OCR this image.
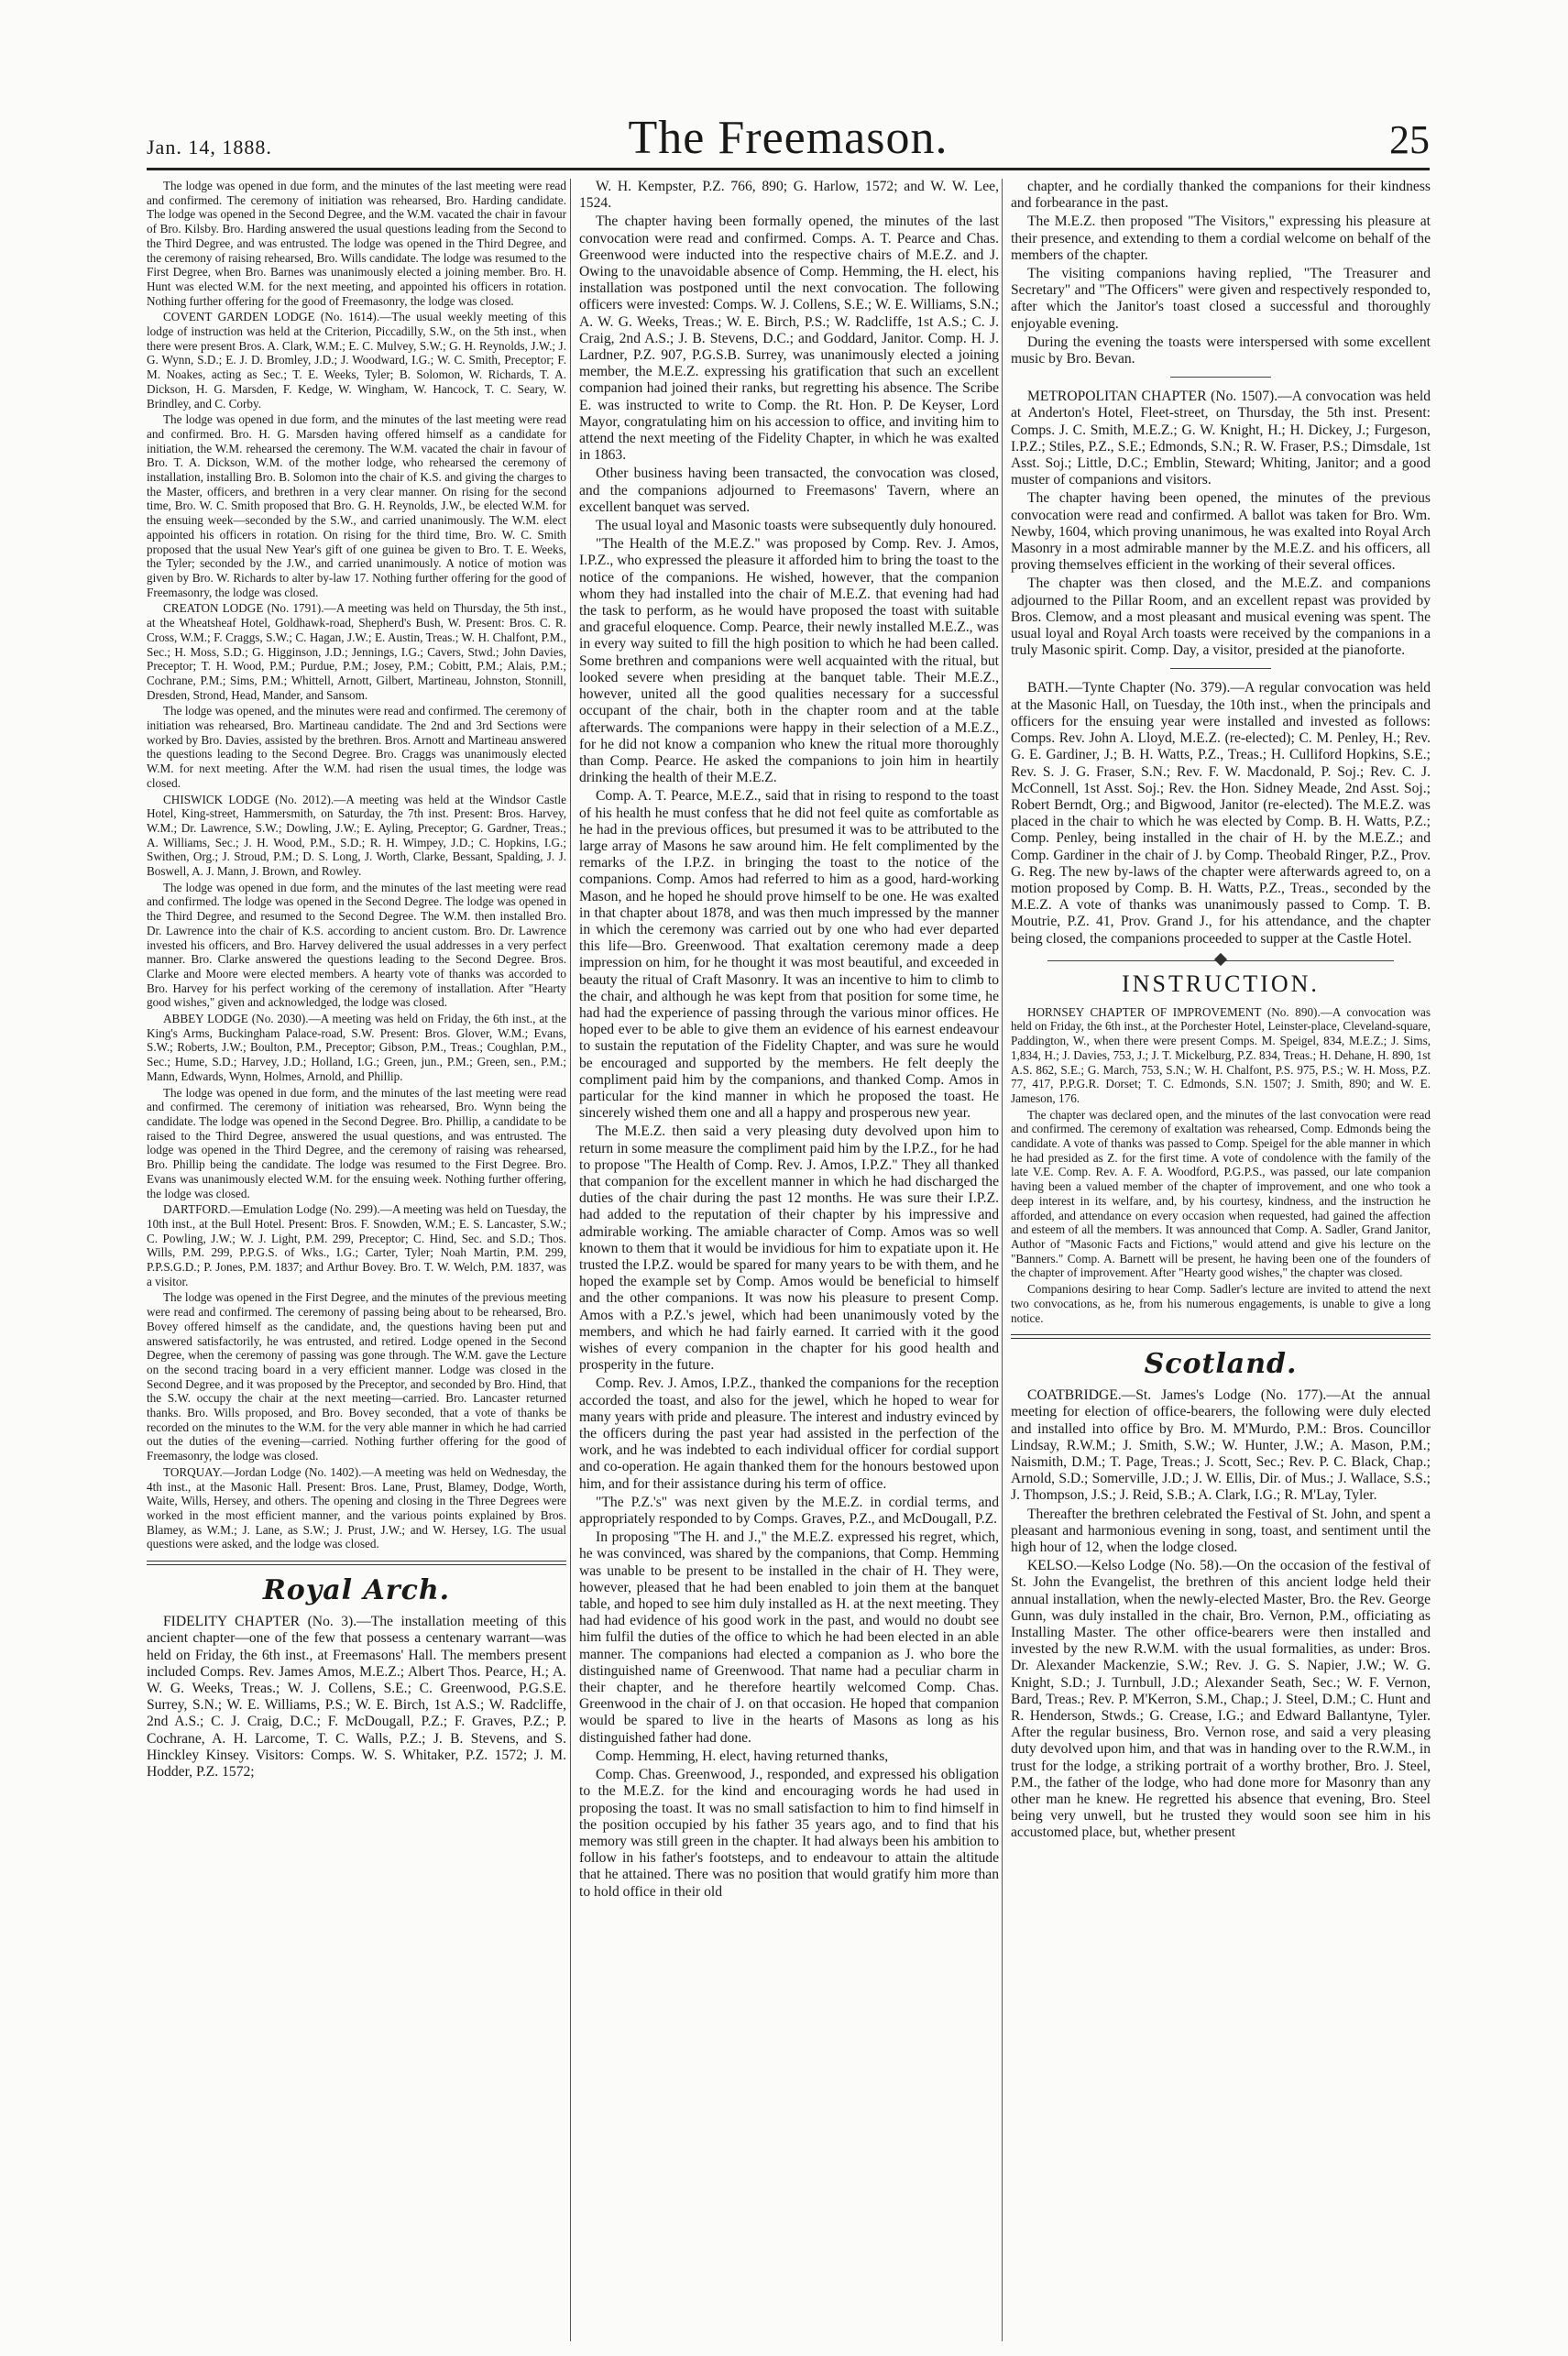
Jan. 14, 1888.	The Freemason.	25

The lodge was opened in due form, and the minutes of the last meeting were read and confirmed. The ceremony of initiation was rehearsed, Bro. Harding candidate. The lodge was opened in the Second Degree, and the W.M. vacated the chair in favour of Bro. Kilsby. Bro. Harding answered the usual questions leading from the Second to the Third Degree, and was entrusted. The lodge was opened in the Third Degree, and the ceremony of raising rehearsed, Bro. Wills candidate. The lodge was resumed to the First Degree, when Bro. Barnes was unanimously elected a joining member. Bro. H. Hunt was elected W.M. for the next meeting, and appointed his officers in rotation. Nothing further offering for the good of Freemasonry, the lodge was closed.

COVENT GARDEN LODGE (No. 1614).—The usual weekly meeting of this lodge of instruction was held at the Criterion, Piccadilly, S.W., on the 5th inst., when there were present Bros. A. Clark, W.M.; E. C. Mulvey, S.W.; G. H. Reynolds, J.W.; J. G. Wynn, S.D.; E. J. D. Bromley, J.D.; J. Woodward, I.G.; W. C. Smith, Preceptor; F. M. Noakes, acting as Sec.; T. E. Weeks, Tyler; B. Solomon, W. Richards, T. A. Dickson, H. G. Marsden, F. Kedge, W. Wingham, W. Hancock, T. C. Seary, W. Brindley, and C. Corby.

The lodge was opened in due form, and the minutes of the last meeting were read and confirmed. Bro. H. G. Marsden having offered himself as a candidate for initiation, the W.M. rehearsed the ceremony. The W.M. vacated the chair in favour of Bro. T. A. Dickson, W.M. of the mother lodge, who rehearsed the ceremony of installation, installing Bro. B. Solomon into the chair of K.S. and giving the charges to the Master, officers, and brethren in a very clear manner. On rising for the second time, Bro. W. C. Smith proposed that Bro. G. H. Reynolds, J.W., be elected W.M. for the ensuing week—seconded by the S.W., and carried unanimously. The W.M. elect appointed his officers in rotation. On rising for the third time, Bro. W. C. Smith proposed that the usual New Year's gift of one guinea be given to Bro. T. E. Weeks, the Tyler; seconded by the J.W., and carried unanimously. A notice of motion was given by Bro. W. Richards to alter by-law 17. Nothing further offering for the good of Freemasonry, the lodge was closed.

CREATON LODGE (No. 1791).—A meeting was held on Thursday, the 5th inst., at the Wheatsheaf Hotel, Goldhawk-road, Shepherd's Bush, W. Present: Bros. C. R. Cross, W.M.; F. Craggs, S.W.; C. Hagan, J.W.; E. Austin, Treas.; W. H. Chalfont, P.M., Sec.; H. Moss, S.D.; G. Higginson, J.D.; Jennings, I.G.; Cavers, Stwd.; John Davies, Preceptor; T. H. Wood, P.M.; Purdue, P.M.; Josey, P.M.; Cobitt, P.M.; Alais, P.M.; Cochrane, P.M.; Sims, P.M.; Whittell, Arnott, Gilbert, Martineau, Johnston, Stonnill, Dresden, Strond, Head, Mander, and Sansom.

The lodge was opened, and the minutes were read and confirmed. The ceremony of initiation was rehearsed, Bro. Martineau candidate. The 2nd and 3rd Sections were worked by Bro. Davies, assisted by the brethren. Bros. Arnott and Martineau answered the questions leading to the Second Degree. Bro. Craggs was unanimously elected W.M. for next meeting. After the W.M. had risen the usual times, the lodge was closed.

CHISWICK LODGE (No. 2012).—A meeting was held at the Windsor Castle Hotel, King-street, Hammersmith, on Saturday, the 7th inst. Present: Bros. Harvey, W.M.; Dr. Lawrence, S.W.; Dowling, J.W.; E. Ayling, Preceptor; G. Gardner, Treas.; A. Williams, Sec.; J. H. Wood, P.M., S.D.; R. H. Wimpey, J.D.; C. Hopkins, I.G.; Swithen, Org.; J. Stroud, P.M.; D. S. Long, J. Worth, Clarke, Bessant, Spalding, J. J. Boswell, A. J. Mann, J. Brown, and Rowley.

The lodge was opened in due form, and the minutes of the last meeting were read and confirmed. The lodge was opened in the Second Degree. The lodge was opened in the Third Degree, and resumed to the Second Degree. The W.M. then installed Bro. Dr. Lawrence into the chair of K.S. according to ancient custom. Bro. Dr. Lawrence invested his officers, and Bro. Harvey delivered the usual addresses in a very perfect manner. Bro. Clarke answered the questions leading to the Second Degree. Bros. Clarke and Moore were elected members. A hearty vote of thanks was accorded to Bro. Harvey for his perfect working of the ceremony of installation. After "Hearty good wishes," given and acknowledged, the lodge was closed.

ABBEY LODGE (No. 2030).—A meeting was held on Friday, the 6th inst., at the King's Arms, Buckingham Palace-road, S.W. Present: Bros. Glover, W.M.; Evans, S.W.; Roberts, J.W.; Boulton, P.M., Preceptor; Gibson, P.M., Treas.; Coughlan, P.M., Sec.; Hume, S.D.; Harvey, J.D.; Holland, I.G.; Green, jun., P.M.; Green, sen., P.M.; Mann, Edwards, Wynn, Holmes, Arnold, and Phillip.

The lodge was opened in due form, and the minutes of the last meeting were read and confirmed. The ceremony of initiation was rehearsed, Bro. Wynn being the candidate. The lodge was opened in the Second Degree. Bro. Phillip, a candidate to be raised to the Third Degree, answered the usual questions, and was entrusted. The lodge was opened in the Third Degree, and the ceremony of raising was rehearsed, Bro. Phillip being the candidate. The lodge was resumed to the First Degree. Bro. Evans was unanimously elected W.M. for the ensuing week. Nothing further offering, the lodge was closed.

DARTFORD.—Emulation Lodge (No. 299).—A meeting was held on Tuesday, the 10th inst., at the Bull Hotel. Present: Bros. F. Snowden, W.M.; E. S. Lancaster, S.W.; C. Powling, J.W.; W. J. Light, P.M. 299, Preceptor; C. Hind, Sec. and S.D.; Thos. Wills, P.M. 299, P.P.G.S. of Wks., I.G.; Carter, Tyler; Noah Martin, P.M. 299, P.P.S.G.D.; P. Jones, P.M. 1837; and Arthur Bovey. Bro. T. W. Welch, P.M. 1837, was a visitor.

The lodge was opened in the First Degree, and the minutes of the previous meeting were read and confirmed. The ceremony of passing being about to be rehearsed, Bro. Bovey offered himself as the candidate, and, the questions having been put and answered satisfactorily, he was entrusted, and retired. Lodge opened in the Second Degree, when the ceremony of passing was gone through. The W.M. gave the Lecture on the second tracing board in a very efficient manner. Lodge was closed in the Second Degree, and it was proposed by the Preceptor, and seconded by Bro. Hind, that the S.W. occupy the chair at the next meeting—carried. Bro. Lancaster returned thanks. Bro. Wills proposed, and Bro. Bovey seconded, that a vote of thanks be recorded on the minutes to the W.M. for the very able manner in which he had carried out the duties of the evening—carried. Nothing further offering for the good of Freemasonry, the lodge was closed.

TORQUAY.—Jordan Lodge (No. 1402).—A meeting was held on Wednesday, the 4th inst., at the Masonic Hall. Present: Bros. Lane, Prust, Blamey, Dodge, Worth, Waite, Wills, Hersey, and others. The opening and closing in the Three Degrees were worked in the most efficient manner, and the various points explained by Bros. Blamey, as W.M.; J. Lane, as S.W.; J. Prust, J.W.; and W. Hersey, I.G. The usual questions were asked, and the lodge was closed.

Royal Arch.

FIDELITY CHAPTER (No. 3).—The installation meeting of this ancient chapter—one of the few that possess a centenary warrant—was held on Friday, the 6th inst., at Freemasons' Hall. The members present included Comps. Rev. James Amos, M.E.Z.; Albert Thos. Pearce, H.; A. W. G. Weeks, Treas.; W. J. Collens, S.E.; C. Greenwood, P.G.S.E. Surrey, S.N.; W. E. Williams, P.S.; W. E. Birch, 1st A.S.; W. Radcliffe, 2nd A.S.; C. J. Craig, D.C.; F. McDougall, P.Z.; F. Graves, P.Z.; P. Cochrane, A. H. Larcome, T. C. Walls, P.Z.; J. B. Stevens, and S. Hinckley Kinsey. Visitors: Comps. W. S. Whitaker, P.Z. 1572; J. M. Hodder, P.Z. 1572;

W. H. Kempster, P.Z. 766, 890; G. Harlow, 1572; and W. W. Lee, 1524.

The chapter having been formally opened, the minutes of the last convocation were read and confirmed. Comps. A. T. Pearce and Chas. Greenwood were inducted into the respective chairs of M.E.Z. and J. Owing to the unavoidable absence of Comp. Hemming, the H. elect, his installation was postponed until the next convocation. The following officers were invested: Comps. W. J. Collens, S.E.; W. E. Williams, S.N.; A. W. G. Weeks, Treas.; W. E. Birch, P.S.; W. Radcliffe, 1st A.S.; C. J. Craig, 2nd A.S.; J. B. Stevens, D.C.; and Goddard, Janitor. Comp. H. J. Lardner, P.Z. 907, P.G.S.B. Surrey, was unanimously elected a joining member, the M.E.Z. expressing his gratification that such an excellent companion had joined their ranks, but regretting his absence. The Scribe E. was instructed to write to Comp. the Rt. Hon. P. De Keyser, Lord Mayor, congratulating him on his accession to office, and inviting him to attend the next meeting of the Fidelity Chapter, in which he was exalted in 1863.

Other business having been transacted, the convocation was closed, and the companions adjourned to Freemasons' Tavern, where an excellent banquet was served.

The usual loyal and Masonic toasts were subsequently duly honoured.

"The Health of the M.E.Z." was proposed by Comp. Rev. J. Amos, I.P.Z., who expressed the pleasure it afforded him to bring the toast to the notice of the companions. He wished, however, that the companion whom they had installed into the chair of M.E.Z. that evening had had the task to perform, as he would have proposed the toast with suitable and graceful eloquence. Comp. Pearce, their newly installed M.E.Z., was in every way suited to fill the high position to which he had been called. Some brethren and companions were well acquainted with the ritual, but looked severe when presiding at the banquet table. Their M.E.Z., however, united all the good qualities necessary for a successful occupant of the chair, both in the chapter room and at the table afterwards. The companions were happy in their selection of a M.E.Z., for he did not know a companion who knew the ritual more thoroughly than Comp. Pearce. He asked the companions to join him in heartily drinking the health of their M.E.Z.

Comp. A. T. Pearce, M.E.Z., said that in rising to respond to the toast of his health he must confess that he did not feel quite as comfortable as he had in the previous offices, but presumed it was to be attributed to the large array of Masons he saw around him. He felt complimented by the remarks of the I.P.Z. in bringing the toast to the notice of the companions. Comp. Amos had referred to him as a good, hard-working Mason, and he hoped he should prove himself to be one. He was exalted in that chapter about 1878, and was then much impressed by the manner in which the ceremony was carried out by one who had ever departed this life—Bro. Greenwood. That exaltation ceremony made a deep impression on him, for he thought it was most beautiful, and exceeded in beauty the ritual of Craft Masonry. It was an incentive to him to climb to the chair, and although he was kept from that position for some time, he had had the experience of passing through the various minor offices. He hoped ever to be able to give them an evidence of his earnest endeavour to sustain the reputation of the Fidelity Chapter, and was sure he would be encouraged and supported by the members. He felt deeply the compliment paid him by the companions, and thanked Comp. Amos in particular for the kind manner in which he proposed the toast. He sincerely wished them one and all a happy and prosperous new year.

The M.E.Z. then said a very pleasing duty devolved upon him to return in some measure the compliment paid him by the I.P.Z., for he had to propose "The Health of Comp. Rev. J. Amos, I.P.Z." They all thanked that companion for the excellent manner in which he had discharged the duties of the chair during the past 12 months. He was sure their I.P.Z. had added to the reputation of their chapter by his impressive and admirable working. The amiable character of Comp. Amos was so well known to them that it would be invidious for him to expatiate upon it. He trusted the I.P.Z. would be spared for many years to be with them, and he hoped the example set by Comp. Amos would be beneficial to himself and the other companions. It was now his pleasure to present Comp. Amos with a P.Z.'s jewel, which had been unanimously voted by the members, and which he had fairly earned. It carried with it the good wishes of every companion in the chapter for his good health and prosperity in the future.

Comp. Rev. J. Amos, I.P.Z., thanked the companions for the reception accorded the toast, and also for the jewel, which he hoped to wear for many years with pride and pleasure. The interest and industry evinced by the officers during the past year had assisted in the perfection of the work, and he was indebted to each individual officer for cordial support and co-operation. He again thanked them for the honours bestowed upon him, and for their assistance during his term of office.

"The P.Z.'s" was next given by the M.E.Z. in cordial terms, and appropriately responded to by Comps. Graves, P.Z., and McDougall, P.Z.

In proposing "The H. and J.," the M.E.Z. expressed his regret, which, he was convinced, was shared by the companions, that Comp. Hemming was unable to be present to be installed in the chair of H. They were, however, pleased that he had been enabled to join them at the banquet table, and hoped to see him duly installed as H. at the next meeting. They had had evidence of his good work in the past, and would no doubt see him fulfil the duties of the office to which he had been elected in an able manner. The companions had elected a companion as J. who bore the distinguished name of Greenwood. That name had a peculiar charm in their chapter, and he therefore heartily welcomed Comp. Chas. Greenwood in the chair of J. on that occasion. He hoped that companion would be spared to live in the hearts of Masons as long as his distinguished father had done.

Comp. Hemming, H. elect, having returned thanks,

Comp. Chas. Greenwood, J., responded, and expressed his obligation to the M.E.Z. for the kind and encouraging words he had used in proposing the toast. It was no small satisfaction to him to find himself in the position occupied by his father 35 years ago, and to find that his memory was still green in the chapter. It had always been his ambition to follow in his father's footsteps, and to endeavour to attain the altitude that he attained. There was no position that would gratify him more than to hold office in their old

chapter, and he cordially thanked the companions for their kindness and forbearance in the past.

The M.E.Z. then proposed "The Visitors," expressing his pleasure at their presence, and extending to them a cordial welcome on behalf of the members of the chapter.

The visiting companions having replied, "The Treasurer and Secretary" and "The Officers" were given and respectively responded to, after which the Janitor's toast closed a successful and thoroughly enjoyable evening.

During the evening the toasts were interspersed with some excellent music by Bro. Bevan.

METROPOLITAN CHAPTER (No. 1507).—A convocation was held at Anderton's Hotel, Fleet-street, on Thursday, the 5th inst. Present: Comps. J. C. Smith, M.E.Z.; G. W. Knight, H.; H. Dickey, J.; Furgeson, I.P.Z.; Stiles, P.Z., S.E.; Edmonds, S.N.; R. W. Fraser, P.S.; Dimsdale, 1st Asst. Soj.; Little, D.C.; Emblin, Steward; Whiting, Janitor; and a good muster of companions and visitors.

The chapter having been opened, the minutes of the previous convocation were read and confirmed. A ballot was taken for Bro. Wm. Newby, 1604, which proving unanimous, he was exalted into Royal Arch Masonry in a most admirable manner by the M.E.Z. and his officers, all proving themselves efficient in the working of their several offices.

The chapter was then closed, and the M.E.Z. and companions adjourned to the Pillar Room, and an excellent repast was provided by Bros. Clemow, and a most pleasant and musical evening was spent. The usual loyal and Royal Arch toasts were received by the companions in a truly Masonic spirit. Comp. Day, a visitor, presided at the pianoforte.

BATH.—Tynte Chapter (No. 379).—A regular convocation was held at the Masonic Hall, on Tuesday, the 10th inst., when the principals and officers for the ensuing year were installed and invested as follows: Comps. Rev. John A. Lloyd, M.E.Z. (re-elected); C. M. Penley, H.; Rev. G. E. Gardiner, J.; B. H. Watts, P.Z., Treas.; H. Culliford Hopkins, S.E.; Rev. S. J. G. Fraser, S.N.; Rev. F. W. Macdonald, P. Soj.; Rev. C. J. McConnell, 1st Asst. Soj.; Rev. the Hon. Sidney Meade, 2nd Asst. Soj.; Robert Berndt, Org.; and Bigwood, Janitor (re-elected). The M.E.Z. was placed in the chair to which he was elected by Comp. B. H. Watts, P.Z.; Comp. Penley, being installed in the chair of H. by the M.E.Z.; and Comp. Gardiner in the chair of J. by Comp. Theobald Ringer, P.Z., Prov. G. Reg. The new by-laws of the chapter were afterwards agreed to, on a motion proposed by Comp. B. H. Watts, P.Z., Treas., seconded by the M.E.Z. A vote of thanks was unanimously passed to Comp. T. B. Moutrie, P.Z. 41, Prov. Grand J., for his attendance, and the chapter being closed, the companions proceeded to supper at the Castle Hotel.

INSTRUCTION.

HORNSEY CHAPTER OF IMPROVEMENT (No. 890).—A convocation was held on Friday, the 6th inst., at the Porchester Hotel, Leinster-place, Cleveland-square, Paddington, W., when there were present Comps. M. Speigel, 834, M.E.Z.; J. Sims, 1,834, H.; J. Davies, 753, J.; J. T. Mickelburg, P.Z. 834, Treas.; H. Dehane, H. 890, 1st A.S. 862, S.E.; G. March, 753, S.N.; W. H. Chalfont, P.S. 975, P.S.; W. H. Moss, P.Z. 77, 417, P.P.G.R. Dorset; T. C. Edmonds, S.N. 1507; J. Smith, 890; and W. E. Jameson, 176.

The chapter was declared open, and the minutes of the last convocation were read and confirmed. The ceremony of exaltation was rehearsed, Comp. Edmonds being the candidate. A vote of thanks was passed to Comp. Speigel for the able manner in which he had presided as Z. for the first time. A vote of condolence with the family of the late V.E. Comp. Rev. A. F. A. Woodford, P.G.P.S., was passed, our late companion having been a valued member of the chapter of improvement, and one who took a deep interest in its welfare, and, by his courtesy, kindness, and the instruction he afforded, and attendance on every occasion when requested, had gained the affection and esteem of all the members. It was announced that Comp. A. Sadler, Grand Janitor, Author of "Masonic Facts and Fictions," would attend and give his lecture on the "Banners." Comp. A. Barnett will be present, he having been one of the founders of the chapter of improvement. After "Hearty good wishes," the chapter was closed.

Companions desiring to hear Comp. Sadler's lecture are invited to attend the next two convocations, as he, from his numerous engagements, is unable to give a long notice.

Scotland.

COATBRIDGE.—St. James's Lodge (No. 177).—At the annual meeting for election of office-bearers, the following were duly elected and installed into office by Bro. M. M'Murdo, P.M.: Bros. Councillor Lindsay, R.W.M.; J. Smith, S.W.; W. Hunter, J.W.; A. Mason, P.M.; Naismith, D.M.; T. Page, Treas.; J. Scott, Sec.; Rev. P. C. Black, Chap.; Arnold, S.D.; Somerville, J.D.; J. W. Ellis, Dir. of Mus.; J. Wallace, S.S.; J. Thompson, J.S.; J. Reid, S.B.; A. Clark, I.G.; R. M'Lay, Tyler.

Thereafter the brethren celebrated the Festival of St. John, and spent a pleasant and harmonious evening in song, toast, and sentiment until the high hour of 12, when the lodge closed.

KELSO.—Kelso Lodge (No. 58).—On the occasion of the festival of St. John the Evangelist, the brethren of this ancient lodge held their annual installation, when the newly-elected Master, Bro. the Rev. George Gunn, was duly installed in the chair, Bro. Vernon, P.M., officiating as Installing Master. The other office-bearers were then installed and invested by the new R.W.M. with the usual formalities, as under: Bros. Dr. Alexander Mackenzie, S.W.; Rev. J. G. S. Napier, J.W.; W. G. Knight, S.D.; J. Turnbull, J.D.; Alexander Seath, Sec.; W. F. Vernon, Bard, Treas.; Rev. P. M'Kerron, S.M., Chap.; J. Steel, D.M.; C. Hunt and R. Henderson, Stwds.; G. Crease, I.G.; and Edward Ballantyne, Tyler. After the regular business, Bro. Vernon rose, and said a very pleasing duty devolved upon him, and that was in handing over to the R.W.M., in trust for the lodge, a striking portrait of a worthy brother, Bro. J. Steel, P.M., the father of the lodge, who had done more for Masonry than any other man he knew. He regretted his absence that evening, Bro. Steel being very unwell, but he trusted they would soon see him in his accustomed place, but, whether present
